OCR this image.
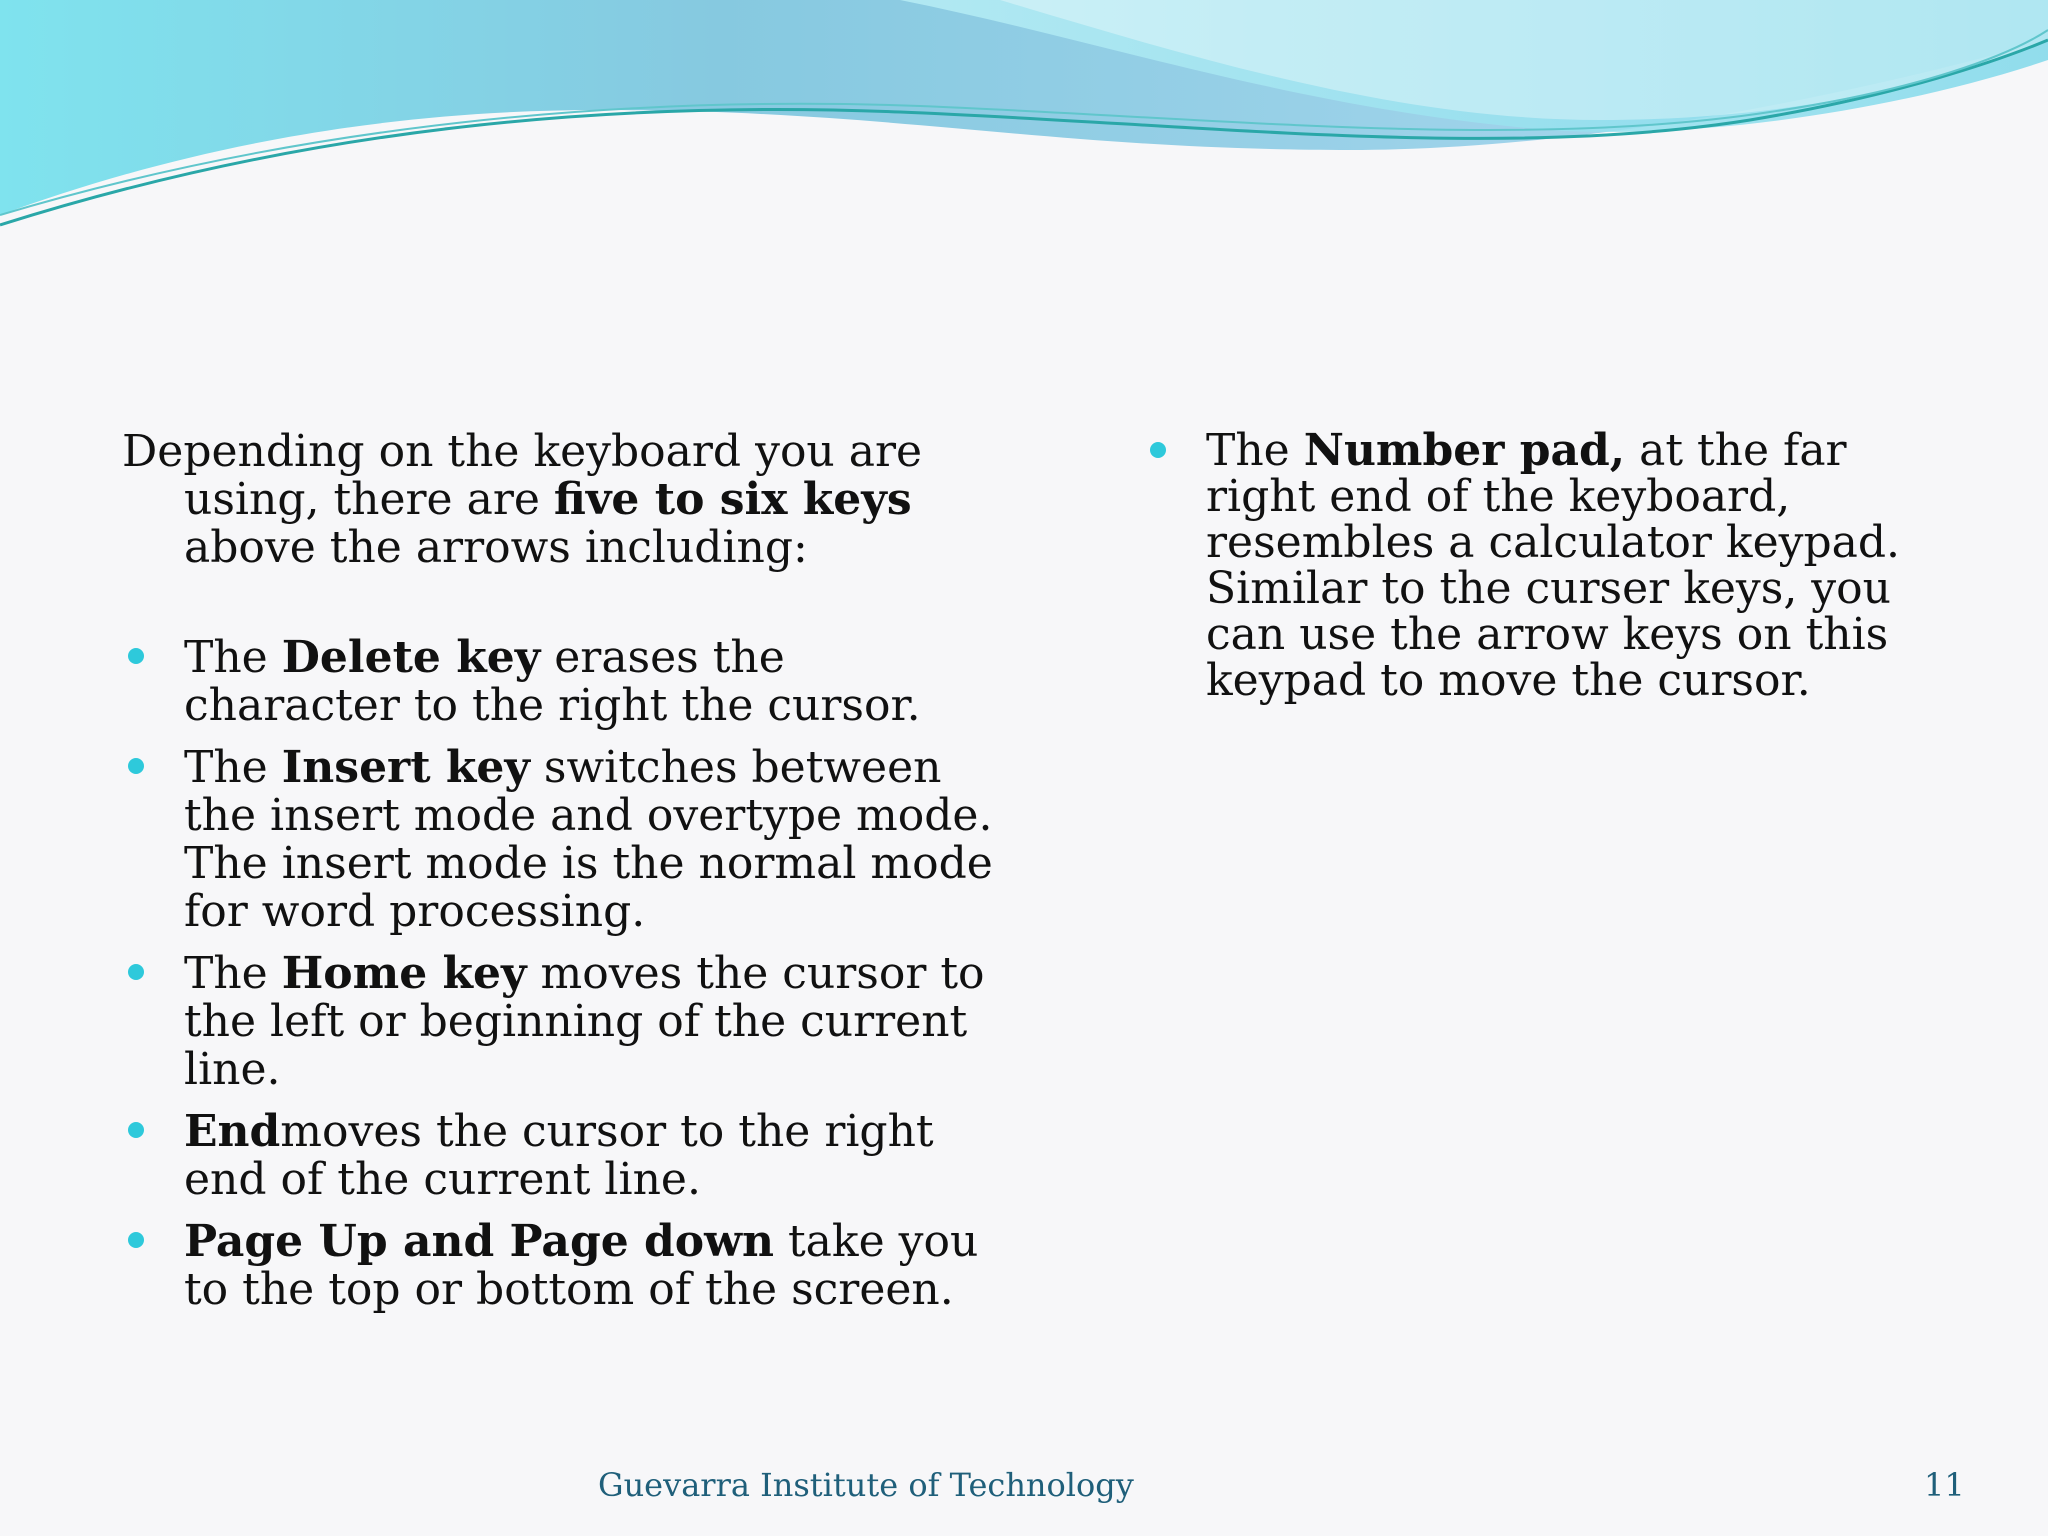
Depending on the keyboard you are using, there are five to six keys above the arrows including:

The Delete key erases the character to the right the cursor.
The Insert key switches between the insert mode and overtype mode. The insert mode is the normal mode for word processing.
The Home key moves the cursor to the left or beginning of the current line.
Endmoves the cursor to the right end of the current line.
Page Up and Page down take you to the top or bottom of the screen.
The Number pad, at the far right end of the keyboard, resembles a calculator keypad. Similar to the curser keys, you can use the arrow keys on this keypad to move the cursor.
Guevarra Institute of Technology	11
